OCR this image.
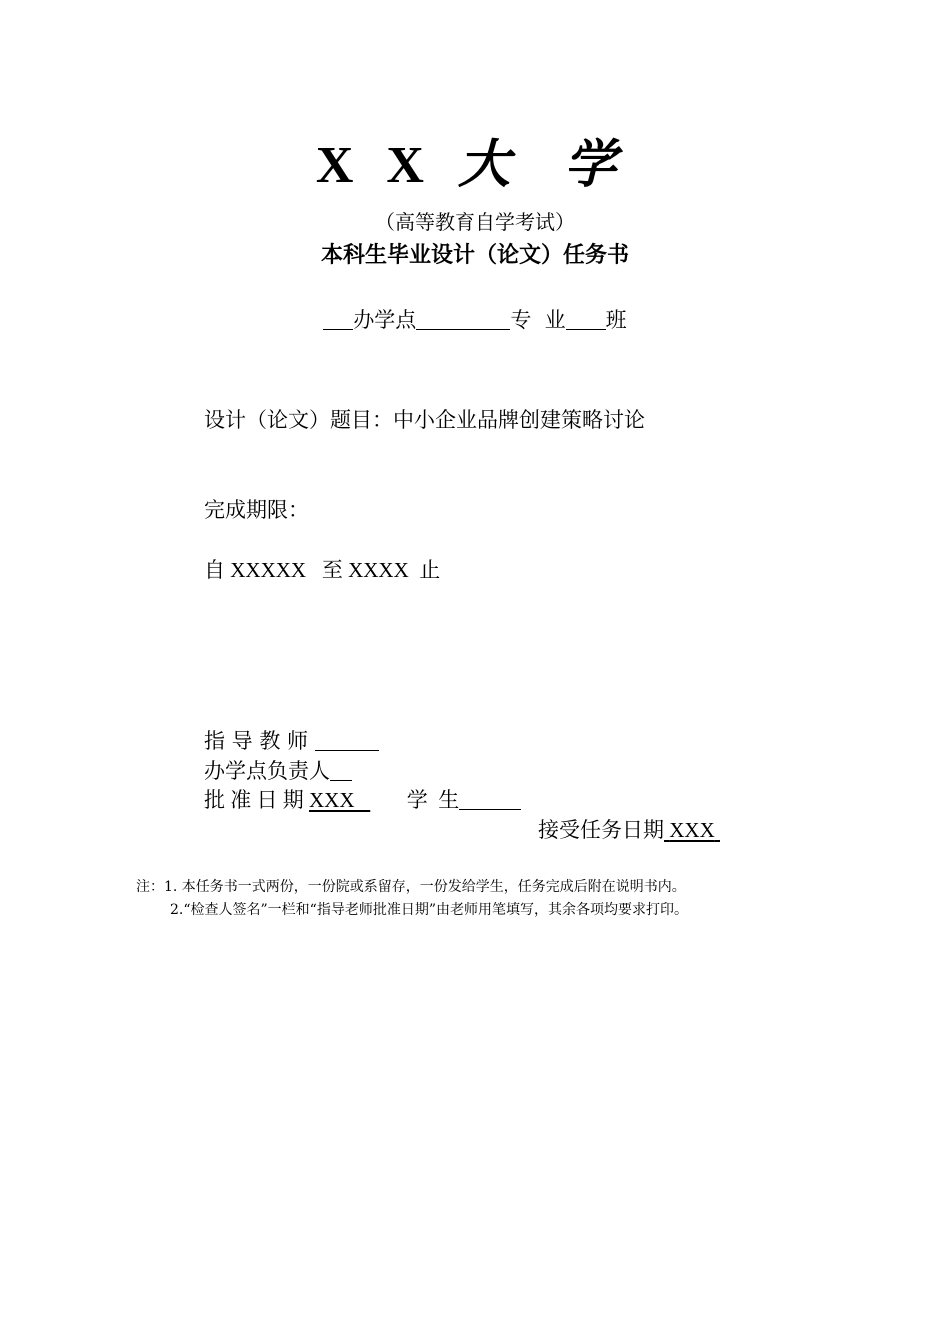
X X 大 学
（高等教育自学考试）
本科生毕业设计（论文）任务书
办学点	专  业 班
设计（论文）题目：中小企业品牌创建策略讨论
完成期限：
自 XXXXX 至 XXXX 止
指 导 教 师
办学点负责人
批 准 日 期 XXX 学  生
接受任务日期 XXX
注：1. 本任务书一式两份，一份院或系留存，一份发给学生，任务完成后附在说明书内。
2.“检查人签名”一栏和“指导老师批准日期”由老师用笔填写，其余各项均要求打印。
